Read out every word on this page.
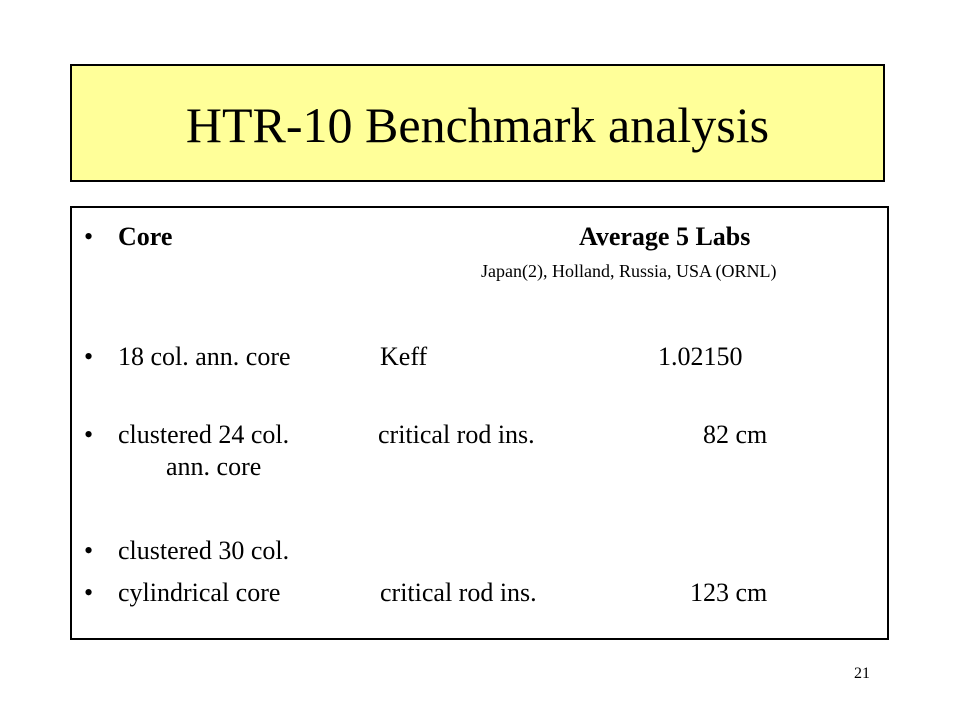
HTR-10 Benchmark analysis
• Core	Average 5 Labs
Japan(2), Holland, Russia, USA (ORNL)
• 18 col. ann. core	Keff	1.02150
• clustered 24 col.
ann. core
critical rod ins.	82 cm
• clustered 30 col.
• cylindrical core	critical rod ins.	123 cm
21
